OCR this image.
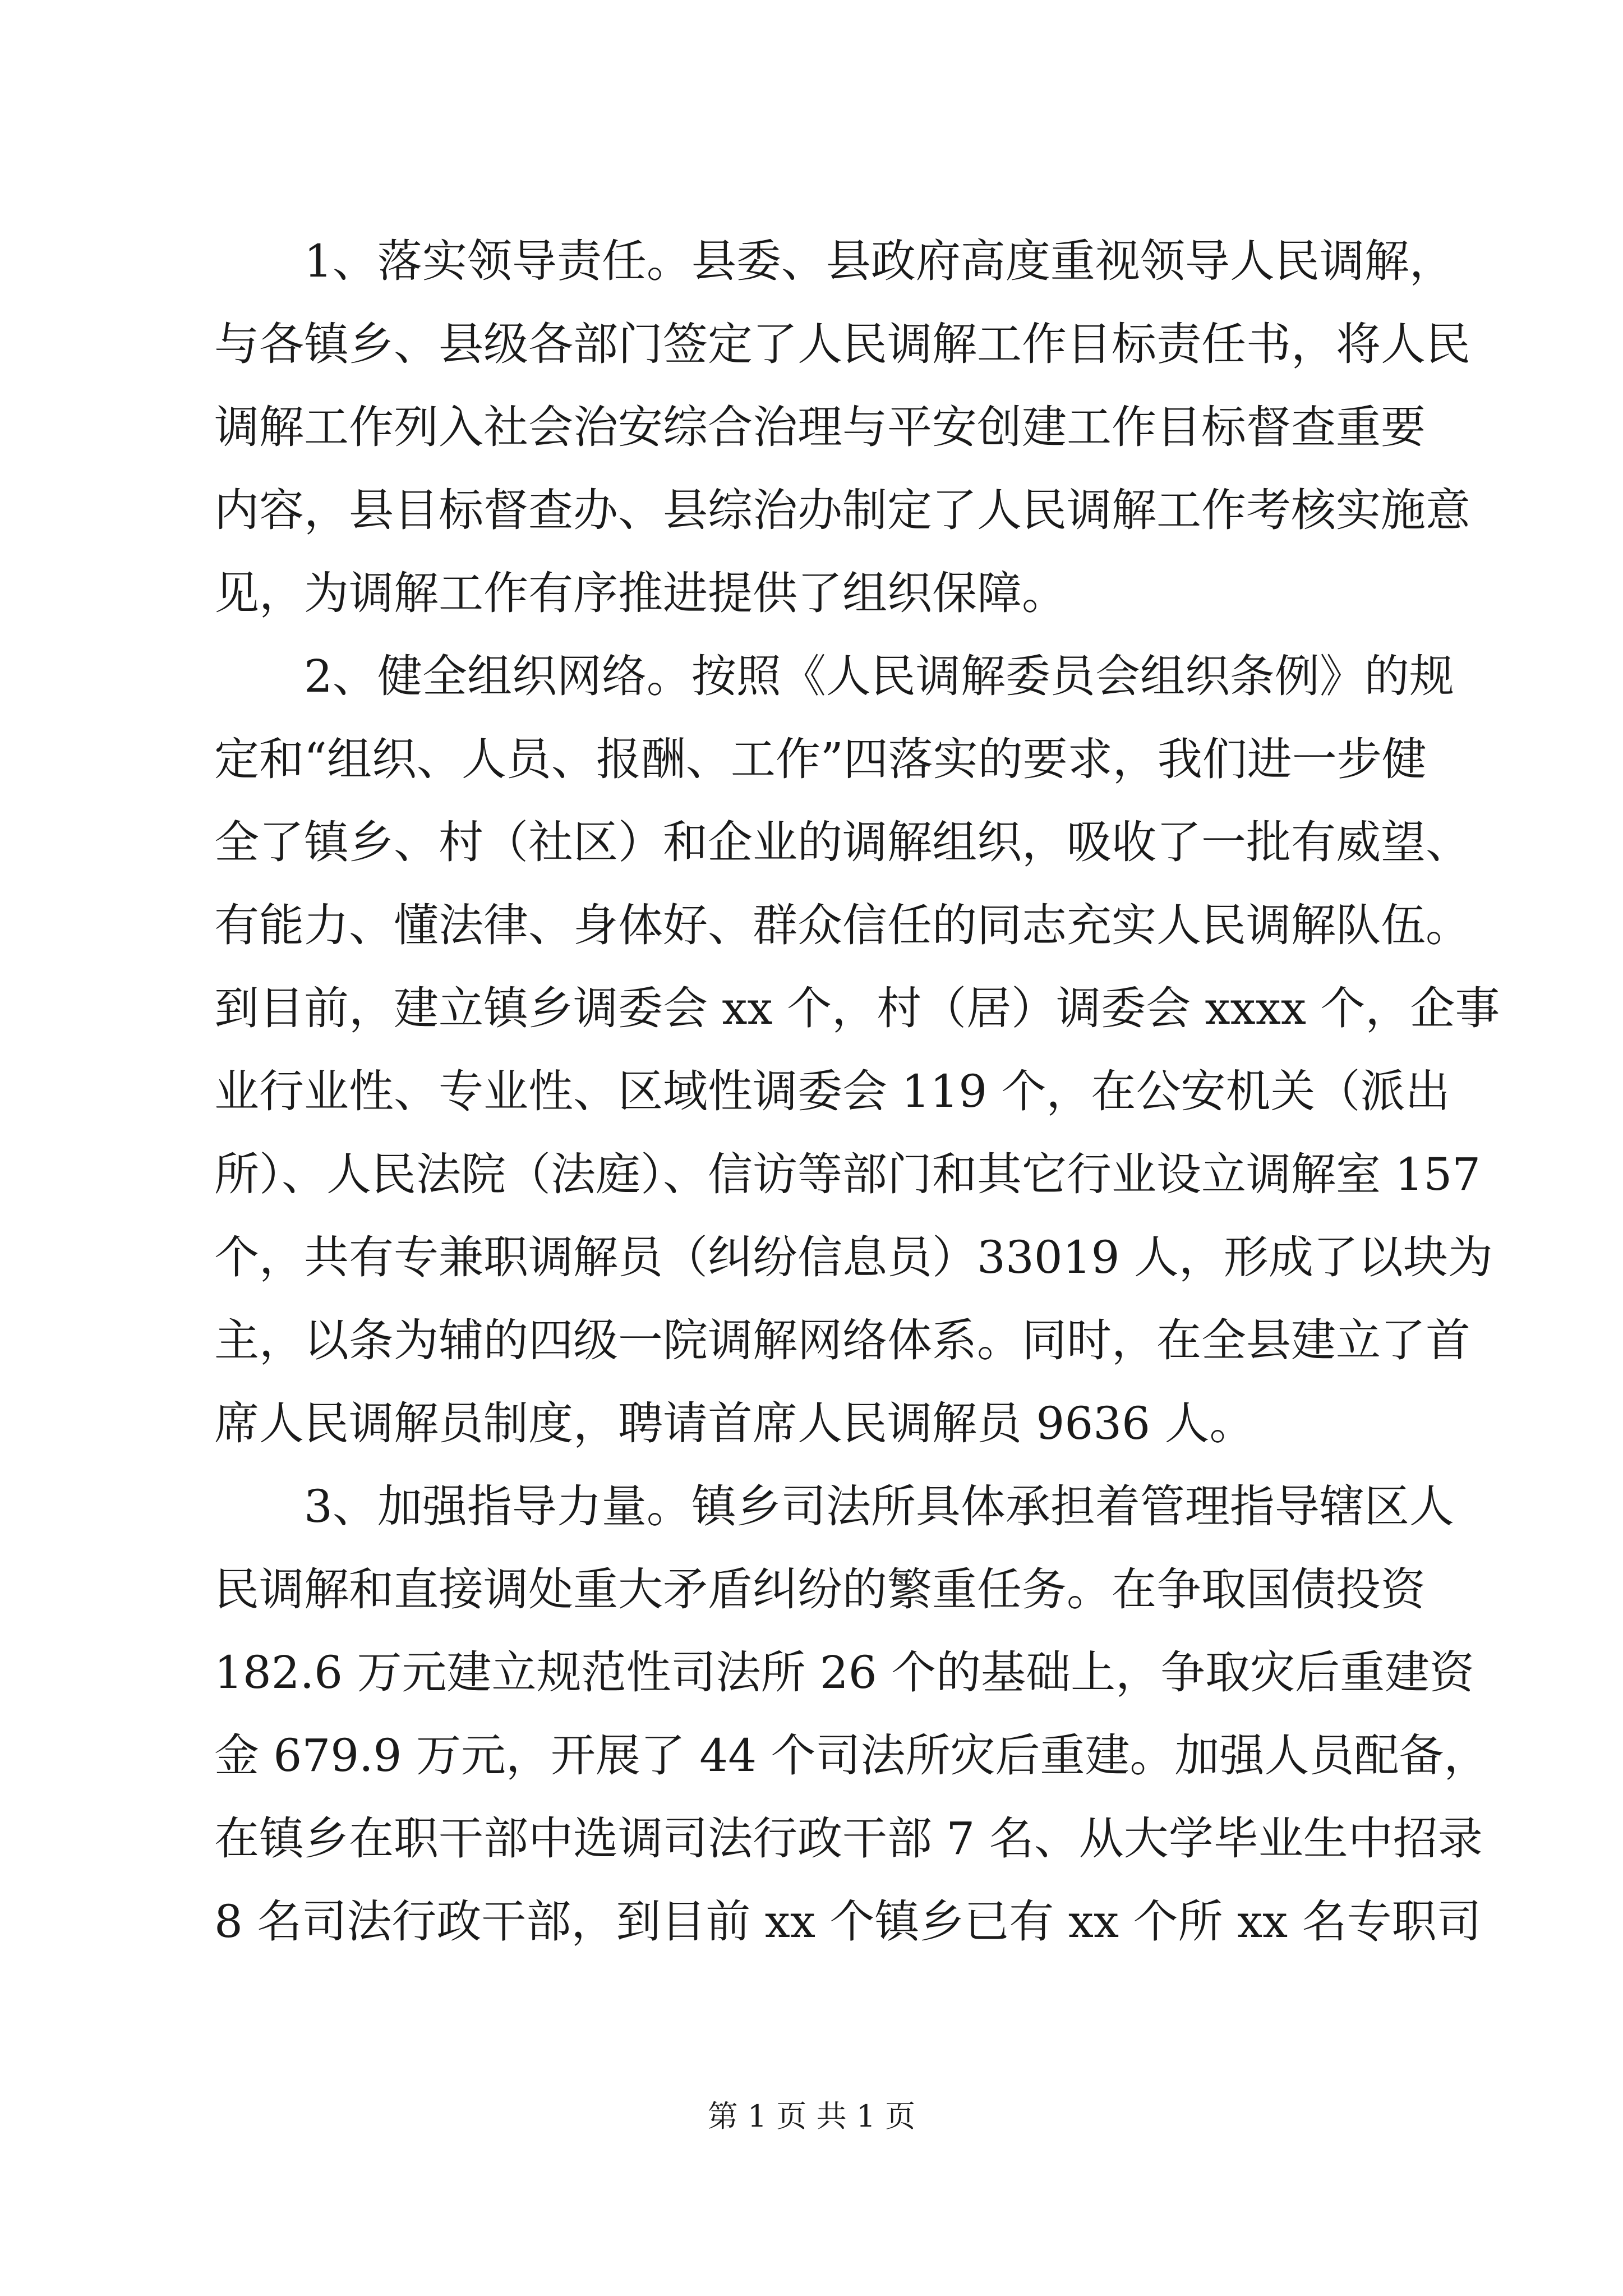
1、落实领导责任。县委、县政府高度重视领导人民调解，
与各镇乡、县级各部门签定了人民调解工作目标责任书，将人民
调解工作列入社会治安综合治理与平安创建工作目标督查重要
内容，县目标督查办、县综治办制定了人民调解工作考核实施意
见，为调解工作有序推进提供了组织保障。
2、健全组织网络。按照《人民调解委员会组织条例》的规
定和“组织、人员、报酬、工作”四落实的要求，我们进一步健
全了镇乡、村（社区）和企业的调解组织，吸收了一批有威望、
有能力、懂法律、身体好、群众信任的同志充实人民调解队伍。
到目前，建立镇乡调委会 xx 个，村（居）调委会 xxxx 个，企事
业行业性、专业性、区域性调委会 119 个，在公安机关（派出
所）、人民法院（法庭）、信访等部门和其它行业设立调解室 157
个，共有专兼职调解员（纠纷信息员）33019 人，形成了以块为
主，以条为辅的四级一院调解网络体系。同时，在全县建立了首
席人民调解员制度，聘请首席人民调解员 9636 人。
3、加强指导力量。镇乡司法所具体承担着管理指导辖区人
民调解和直接调处重大矛盾纠纷的繁重任务。在争取国债投资
182.6 万元建立规范性司法所 26 个的基础上，争取灾后重建资
金 679.9 万元，开展了 44 个司法所灾后重建。加强人员配备，
在镇乡在职干部中选调司法行政干部 7 名、从大学毕业生中招录
8 名司法行政干部，到目前 xx 个镇乡已有 xx 个所 xx 名专职司
第 1 页 共 1 页
